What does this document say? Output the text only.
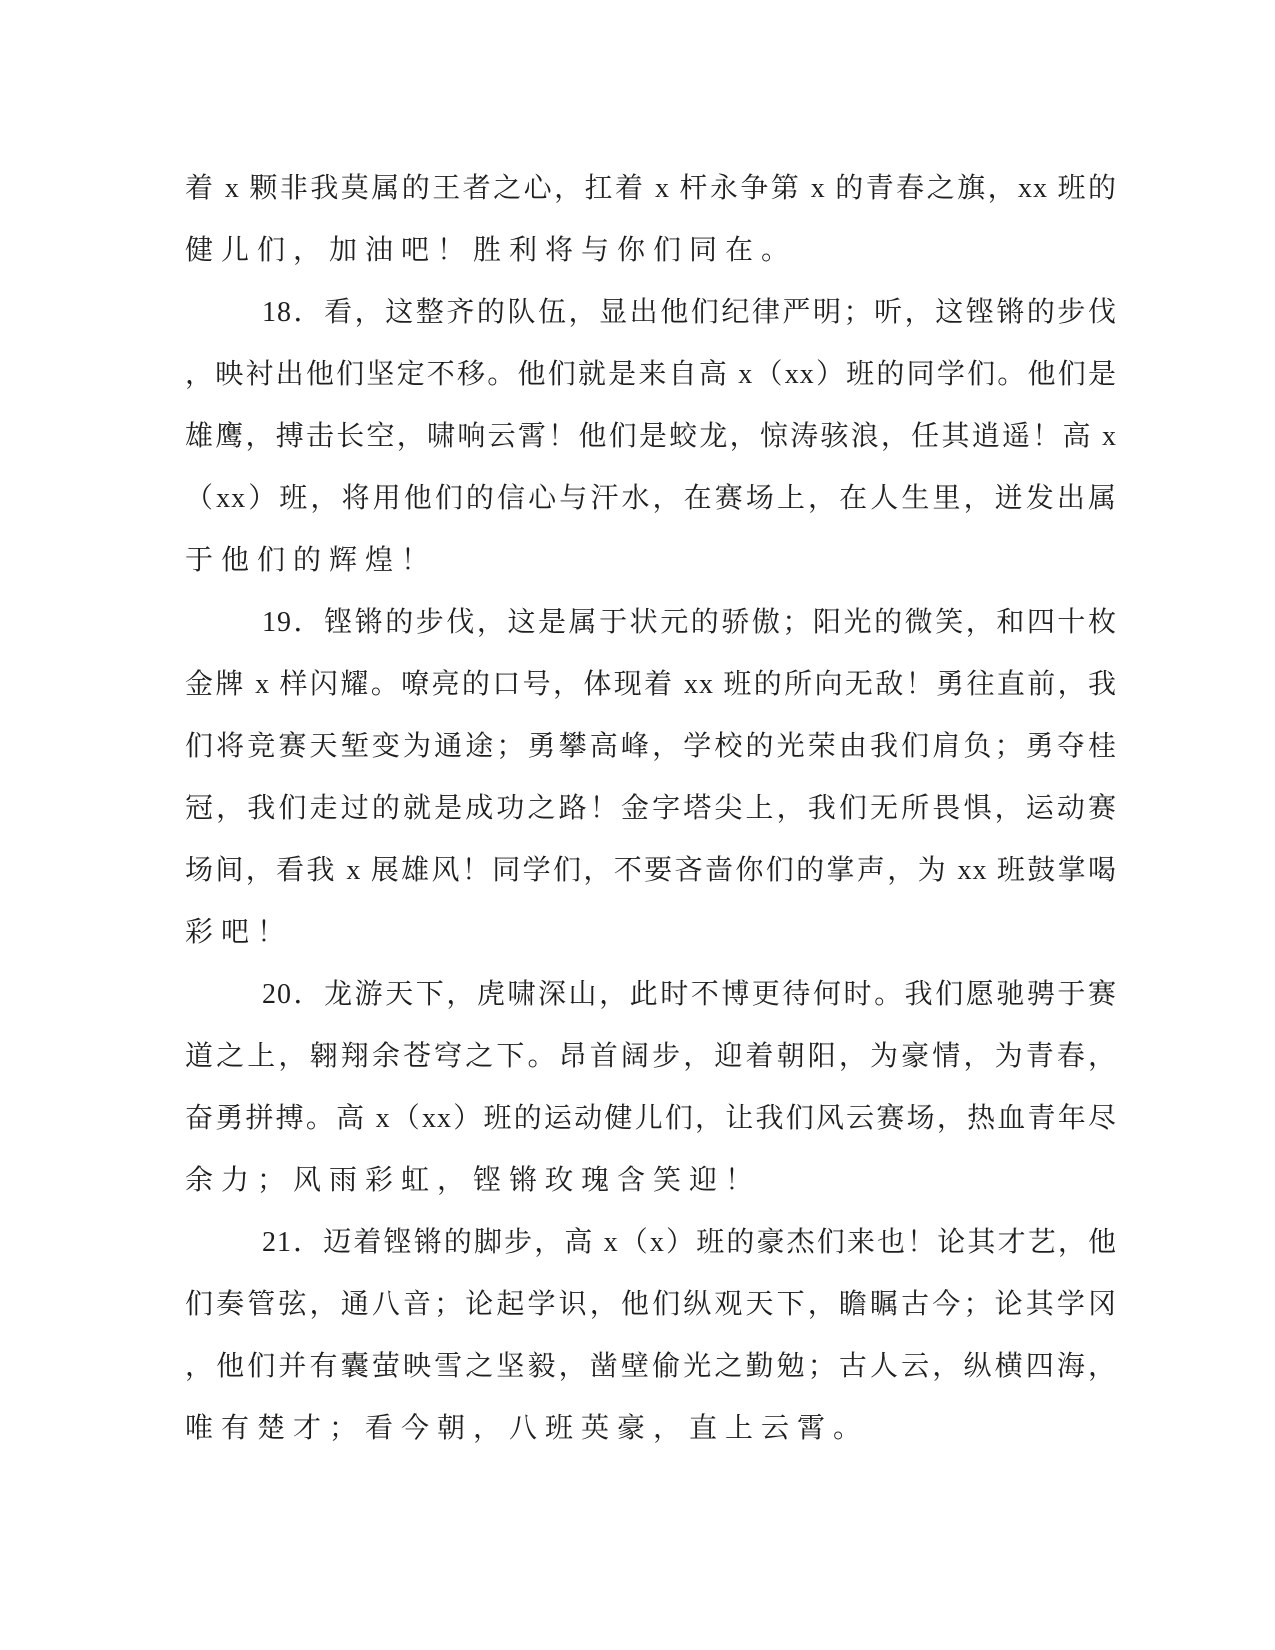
着 x 颗非我莫属的王者之心，扛着 x 杆永争第 x 的青春之旗，xx 班的
健儿们，加油吧！胜利将与你们同在。
18．看，这整齐的队伍，显出他们纪律严明；听，这铿锵的步伐
，映衬出他们坚定不移。他们就是来自高 x（xx）班的同学们。他们是
雄鹰，搏击长空，啸响云霄！他们是蛟龙，惊涛骇浪，任其逍遥！高 x
（xx）班，将用他们的信心与汗水，在赛场上，在人生里，迸发出属
于他们的辉煌！
19．铿锵的步伐，这是属于状元的骄傲；阳光的微笑，和四十枚
金牌 x 样闪耀。嘹亮的口号，体现着 xx 班的所向无敌！勇往直前，我
们将竞赛天堑变为通途；勇攀高峰，学校的光荣由我们肩负；勇夺桂
冠，我们走过的就是成功之路！金字塔尖上，我们无所畏惧，运动赛
场间，看我 x 展雄风！同学们，不要吝啬你们的掌声，为 xx 班鼓掌喝
彩吧！
20．龙游天下，虎啸深山，此时不博更待何时。我们愿驰骋于赛
道之上，翱翔余苍穹之下。昂首阔步，迎着朝阳，为豪情，为青春，
奋勇拼搏。高 x（xx）班的运动健儿们，让我们风云赛场，热血青年尽
余力；风雨彩虹，铿锵玫瑰含笑迎！
21．迈着铿锵的脚步，高 x（x）班的豪杰们来也！论其才艺，他
们奏管弦，通八音；论起学识，他们纵观天下，瞻瞩古今；论其学冈
，他们并有囊萤映雪之坚毅，凿壁偷光之勤勉；古人云，纵横四海，
唯有楚才；看今朝，八班英豪，直上云霄。
